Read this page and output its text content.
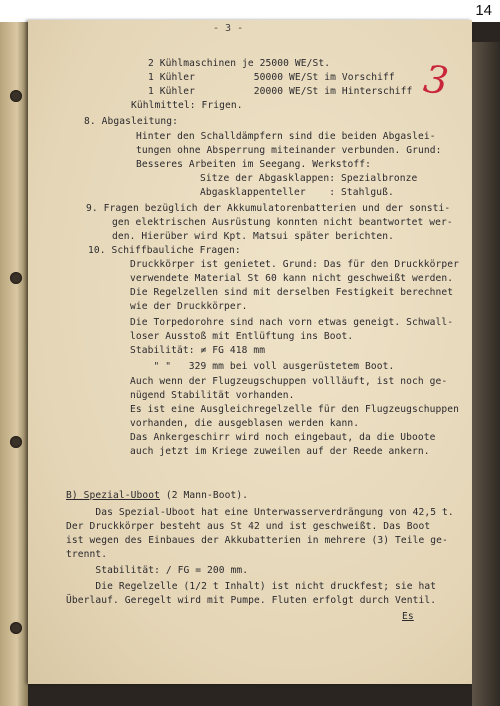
14
- 3 -
3
2 Kühlmaschinen je 25000 WE/St.
1 Kühler          50000 WE/St im Vorschiff
1 Kühler          20000 WE/St im Hinterschiff
Kühlmittel: Frigen.
8. Abgasleitung:
Hinter den Schalldämpfern sind die beiden Abgaslei-
tungen ohne Absperrung miteinander verbunden. Grund:
Besseres Arbeiten im Seegang. Werkstoff:
Sitze der Abgasklappen: Spezialbronze
Abgasklappenteller    : Stahlguß.
9. Fragen bezüglich der Akkumulatorenbatterien und der sonsti-
gen elektrischen Ausrüstung konnten nicht beantwortet wer-
den. Hierüber wird Kpt. Matsui später berichten.
10. Schiffbauliche Fragen:
Druckkörper ist genietet. Grund: Das für den Druckkörper
verwendete Material St 60 kann nicht geschweißt werden.
Die Regelzellen sind mit derselben Festigkeit berechnet
wie der Druckkörper.
Die Torpedorohre sind nach vorn etwas geneigt. Schwall-
loser Ausstoß mit Entlüftung ins Boot.
Stabilität: ≠ FG 418 mm
" "   329 mm bei voll ausgerüstetem Boot.
Auch wenn der Flugzeugschuppen vollläuft, ist noch ge-
nügend Stabilität vorhanden.
Es ist eine Ausgleichregelzelle für den Flugzeugschuppen
vorhanden, die ausgeblasen werden kann.
Das Ankergeschirr wird noch eingebaut, da die Uboote
auch jetzt im Kriege zuweilen auf der Reede ankern.
B) Spezial-Uboot (2 Mann-Boot).
Das Spezial-Uboot hat eine Unterwasserverdrängung von 42,5 t.
Der Druckkörper besteht aus St 42 und ist geschweißt. Das Boot
ist wegen des Einbaues der Akkubatterien in mehrere (3) Teile ge-
trennt.
Stabilität: / FG = 200 mm.
Die Regelzelle (1/2 t Inhalt) ist nicht druckfest; sie hat
Überlauf. Geregelt wird mit Pumpe. Fluten erfolgt durch Ventil.
Es
